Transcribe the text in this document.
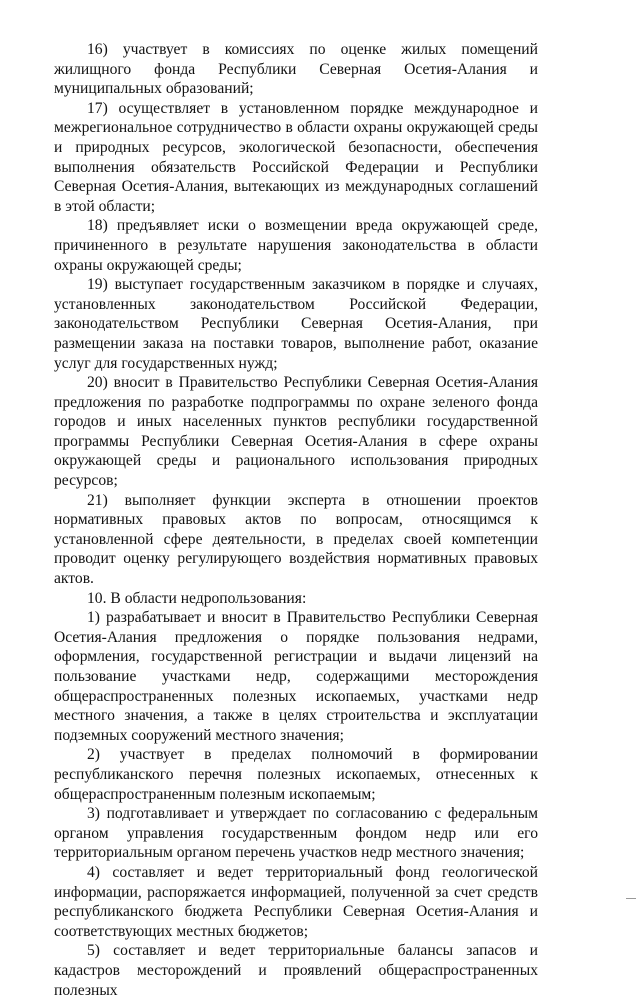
16) участвует в комиссиях по оценке жилых помещений жилищного фонда Республики Северная Осетия-Алания и муниципальных образований;

17) осуществляет в установленном порядке международное и межрегиональное сотрудничество в области охраны окружающей среды и природных ресурсов, экологической безопасности, обеспечения выполнения обязательств Российской Федерации и Республики Северная Осетия-Алания, вытекающих из международных соглашений в этой области;

18) предъявляет иски о возмещении вреда окружающей среде, причиненного в результате нарушения законодательства в области охраны окружающей среды;

19) выступает государственным заказчиком в порядке и случаях, установленных законодательством Российской Федерации, законодательством Республики Северная Осетия-Алания, при размещении заказа на поставки товаров, выполнение работ, оказание услуг для государственных нужд;

20) вносит в Правительство Республики Северная Осетия-Алания предложения по разработке подпрограммы по охране зеленого фонда городов и иных населенных пунктов республики государственной программы Республики Северная Осетия-Алания в сфере охраны окружающей среды и рационального использования природных ресурсов;

21) выполняет функции эксперта в отношении проектов нормативных правовых актов по вопросам, относящимся к установленной сфере деятельности, в пределах своей компетенции проводит оценку регулирующего воздействия нормативных правовых актов.

10. В области недропользования:

1) разрабатывает и вносит в Правительство Республики Северная Осетия-Алания предложения о порядке пользования недрами, оформления, государственной регистрации и выдачи лицензий на пользование участками недр, содержащими месторождения общераспространенных полезных ископаемых, участками недр местного значения, а также в целях строительства и эксплуатации подземных сооружений местного значения;

2) участвует в пределах полномочий в формировании республиканского перечня полезных ископаемых, отнесенных к общераспространенным полезным ископаемым;

3) подготавливает и утверждает по согласованию с федеральным органом управления государственным фондом недр или его территориальным органом перечень участков недр местного значения;

4) составляет и ведет территориальный фонд геологической информации, распоряжается информацией, полученной за счет средств республиканского бюджета Республики Северная Осетия-Алания и соответствующих местных бюджетов;

5) составляет и ведет территориальные балансы запасов и кадастров месторождений и проявлений общераспространенных полезных
